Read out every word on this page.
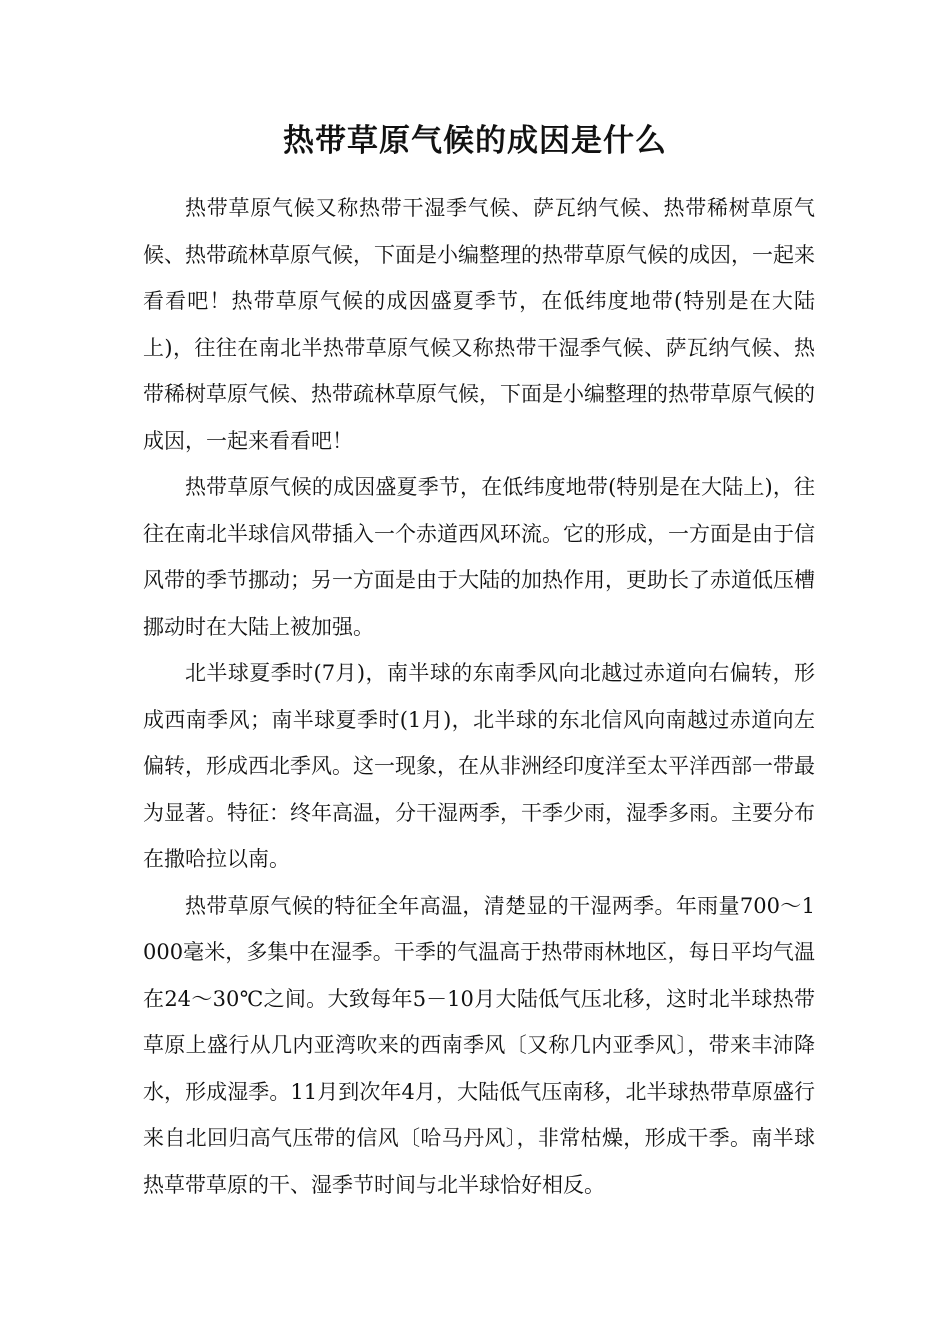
热带草原气候的成因是什么

热带草原气候又称热带干湿季气候、萨瓦纳气候、热带稀树草原气候、热带疏林草原气候，下面是小编整理的热带草原气候的成因，一起来看看吧！热带草原气候的成因盛夏季节，在低纬度地带(特别是在大陆上)，往往在南北半热带草原气候又称热带干湿季气候、萨瓦纳气候、热带稀树草原气候、热带疏林草原气候，下面是小编整理的热带草原气候的成因，一起来看看吧！

热带草原气候的成因盛夏季节，在低纬度地带(特别是在大陆上)，往往在南北半球信风带插入一个赤道西风环流。它的形成，一方面是由于信风带的季节挪动；另一方面是由于大陆的加热作用，更助长了赤道低压槽挪动时在大陆上被加强。

北半球夏季时(7月)，南半球的东南季风向北越过赤道向右偏转，形成西南季风；南半球夏季时(1月)，北半球的东北信风向南越过赤道向左偏转，形成西北季风。这一现象，在从非洲经印度洋至太平洋西部一带最为显著。特征：终年高温，分干湿两季，干季少雨，湿季多雨。主要分布在撒哈拉以南。

热带草原气候的特征全年高温，清楚显的干湿两季。年雨量700～1000毫米，多集中在湿季。干季的气温高于热带雨林地区，每日平均气温在24～30℃之间。大致每年5－10月大陆低气压北移，这时北半球热带草原上盛行从几内亚湾吹来的西南季风〔又称几内亚季风〕，带来丰沛降水，形成湿季。11月到次年4月，大陆低气压南移，北半球热带草原盛行来自北回归高气压带的信风〔哈马丹风〕，非常枯燥，形成干季。南半球热草带草原的干、湿季节时间与北半球恰好相反。
